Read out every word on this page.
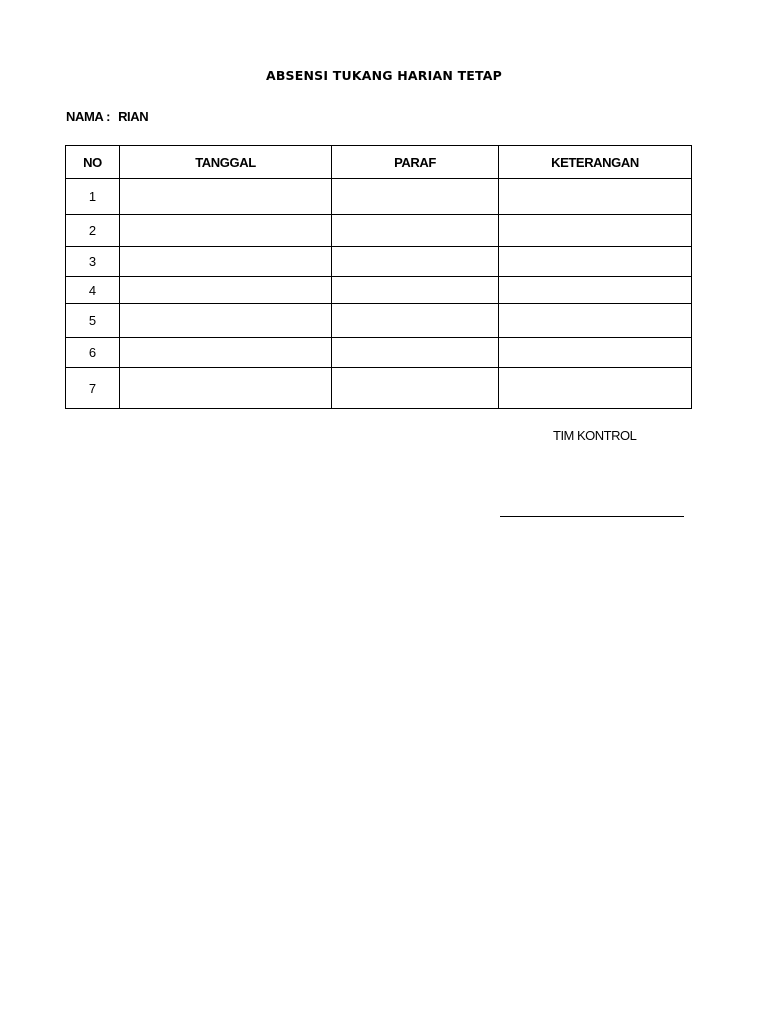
ABSENSI TUKANG HARIAN TETAP
NAMA : RIAN
NO	TANGGAL	PARAF	KETERANGAN
1			
2			
3			
4			
5			
6			
7			
TIM KONTROL
